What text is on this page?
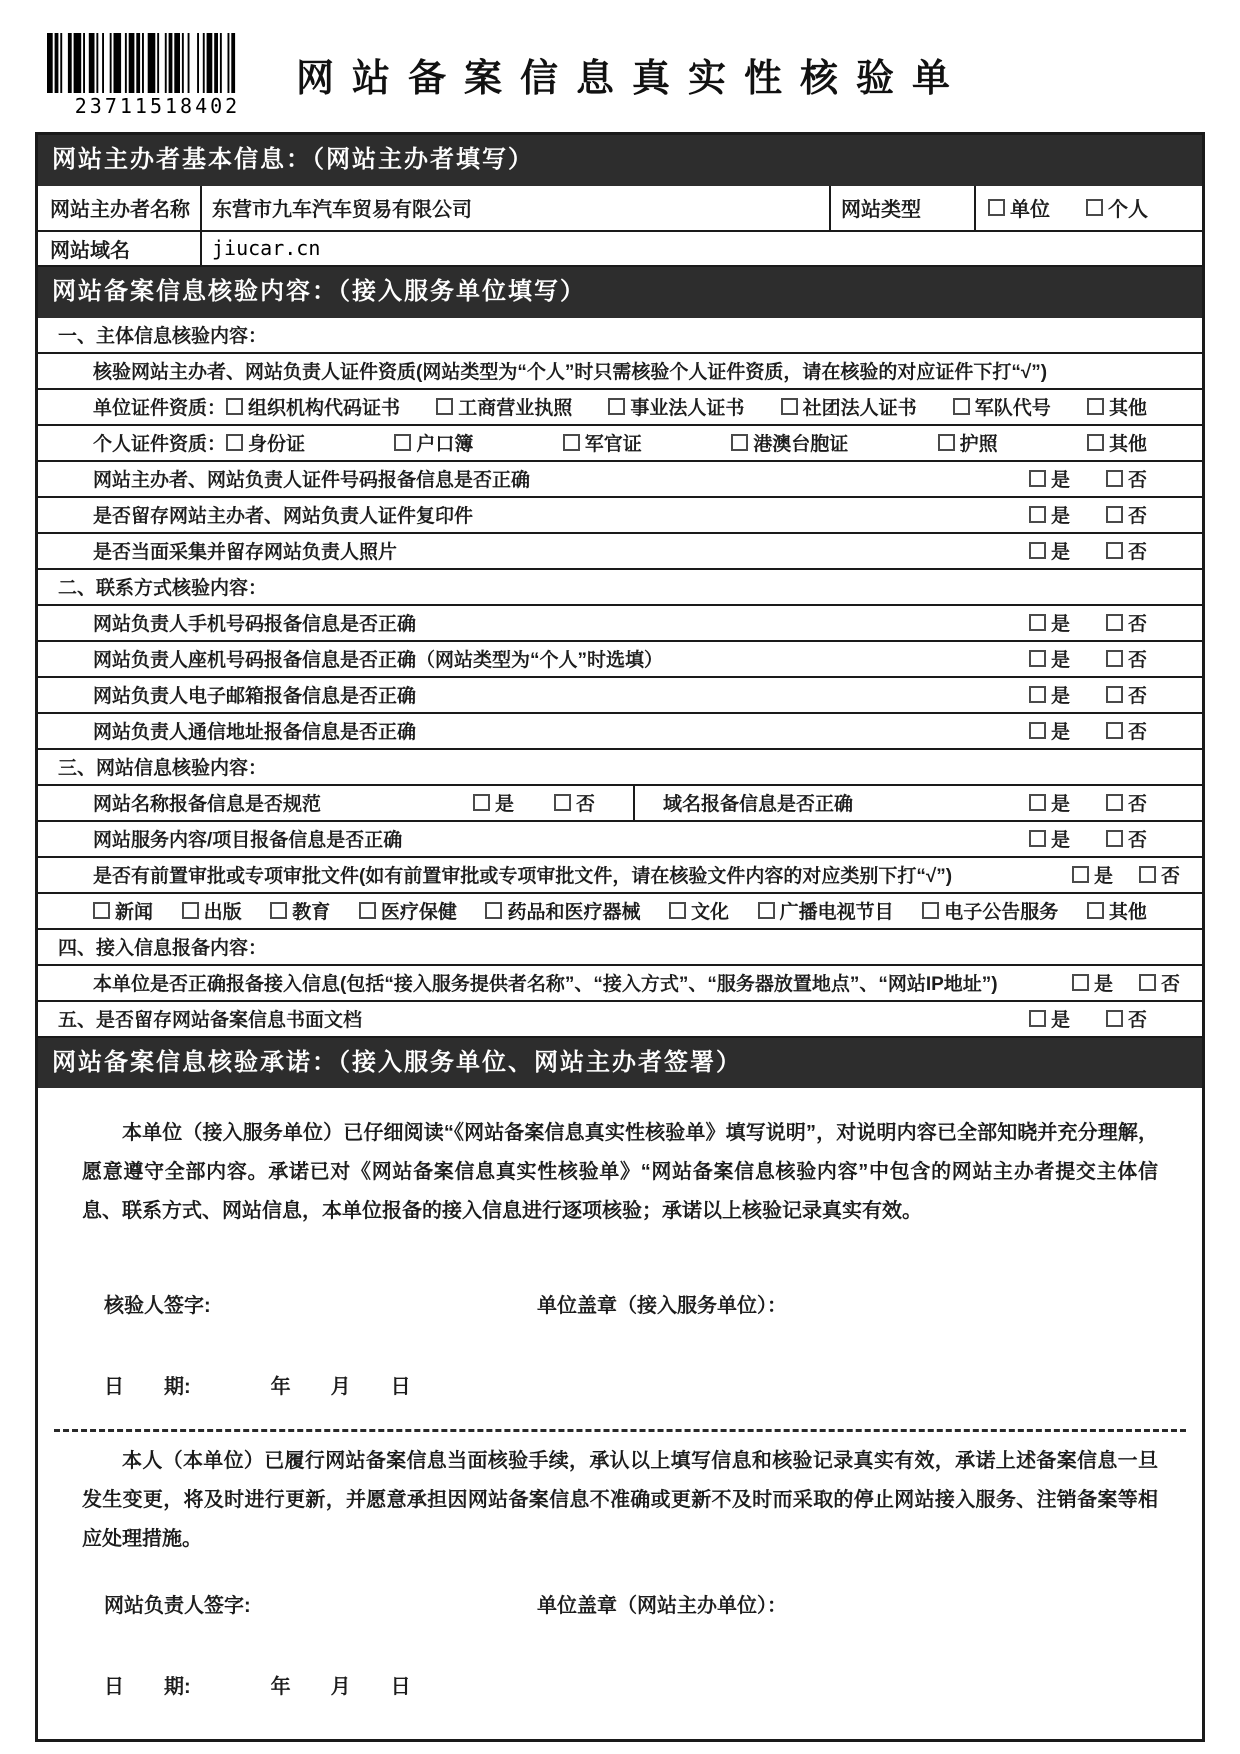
23711518402
网站备案信息真实性核验单
网站主办者基本信息：（网站主办者填写）
网站主办者名称	东营市九车汽车贸易有限公司	网站类型	单位	个人
网站域名	jiucar.cn
网站备案信息核验内容：（接入服务单位填写）
一、主体信息核验内容：
核验网站主办者、网站负责人证件资质(网站类型为“个人”时只需核验个人证件资质，请在核验的对应证件下打“√”)
单位证件资质： 组织机构代码证书	工商营业执照	事业法人证书	社团法人证书	军队代号	其他
个人证件资质： 身份证	户口簿	军官证	港澳台胞证	护照	其他
网站主办者、网站负责人证件号码报备信息是否正确	是	否
是否留存网站主办者、网站负责人证件复印件	是	否
是否当面采集并留存网站负责人照片	是	否
二、联系方式核验内容：
网站负责人手机号码报备信息是否正确	是	否
网站负责人座机号码报备信息是否正确（网站类型为“个人”时选填）	是	否
网站负责人电子邮箱报备信息是否正确	是	否
网站负责人通信地址报备信息是否正确	是	否
三、网站信息核验内容：
网站名称报备信息是否规范	是	否	域名报备信息是否正确	是	否
网站服务内容/项目报备信息是否正确	是	否
是否有前置审批或专项审批文件(如有前置审批或专项审批文件，请在核验文件内容的对应类别下打“√”)	是	否
新闻	出版	教育	医疗保健	药品和医疗器械	文化	广播电视节目	电子公告服务	其他
四、接入信息报备内容：
本单位是否正确报备接入信息(包括“接入服务提供者名称”、“接入方式”、“服务器放置地点”、“网站IP地址”)	是	否
五、是否留存网站备案信息书面文档	是	否
网站备案信息核验承诺：（接入服务单位、网站主办者签署）

本单位（接入服务单位）已仔细阅读“《网站备案信息真实性核验单》填写说明”，对说明内容已全部知晓并充分理解，愿意遵守全部内容。承诺已对《网站备案信息真实性核验单》“网站备案信息核验内容”中包含的网站主办者提交主体信息、联系方式、网站信息，本单位报备的接入信息进行逐项核验；承诺以上核验记录真实有效。

核验人签字:	单位盖章（接入服务单位）：
日　　期:　　　　年　　月　　日

本人（本单位）已履行网站备案信息当面核验手续，承认以上填写信息和核验记录真实有效，承诺上述备案信息一旦发生变更，将及时进行更新，并愿意承担因网站备案信息不准确或更新不及时而采取的停止网站接入服务、注销备案等相应处理措施。

网站负责人签字:	单位盖章（网站主办单位）：
日　　期:　　　　年　　月　　日
